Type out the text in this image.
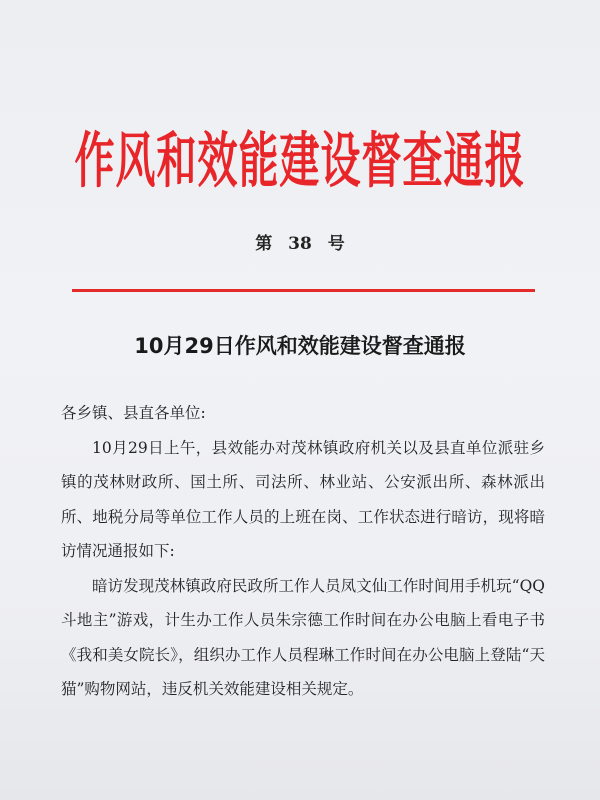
作风和效能建设督查通报
第 38 号
10月29日作风和效能建设督查通报

各乡镇、县直各单位:

10月29日上午，县效能办对茂林镇政府机关以及县直单位派驻乡镇的茂林财政所、国土所、司法所、林业站、公安派出所、森林派出所、地税分局等单位工作人员的上班在岗、工作状态进行暗访，现将暗访情况通报如下:

暗访发现茂林镇政府民政所工作人员凤文仙工作时间用手机玩“QQ斗地主”游戏，计生办工作人员朱宗德工作时间在办公电脑上看电子书《我和美女院长》，组织办工作人员程琳工作时间在办公电脑上登陆“天猫”购物网站，违反机关效能建设相关规定。
